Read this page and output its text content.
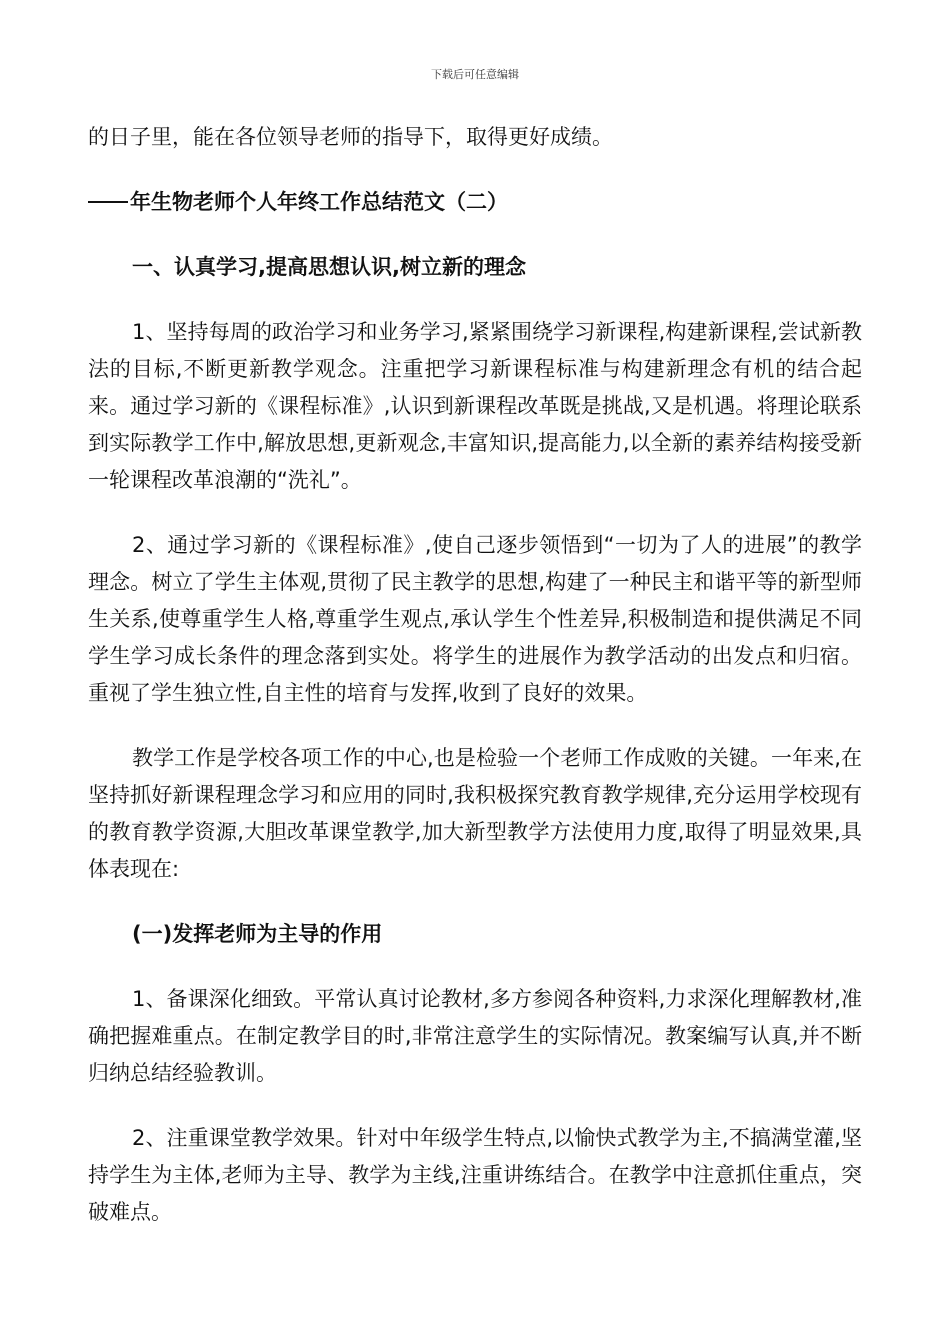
下载后可任意编辑

的日子里，能在各位领导老师的指导下，取得更好成绩。

年生物老师个人年终工作总结范文（二）

一、认真学习,提高思想认识,树立新的理念

1、坚持每周的政治学习和业务学习,紧紧围绕学习新课程,构建新课程,尝试新教法的目标,不断更新教学观念。注重把学习新课程标准与构建新理念有机的结合起来。通过学习新的《课程标准》,认识到新课程改革既是挑战,又是机遇。将理论联系到实际教学工作中,解放思想,更新观念,丰富知识,提高能力,以全新的素养结构接受新一轮课程改革浪潮的“洗礼”。

2、通过学习新的《课程标准》,使自己逐步领悟到“一切为了人的进展”的教学理念。树立了学生主体观,贯彻了民主教学的思想,构建了一种民主和谐平等的新型师生关系,使尊重学生人格,尊重学生观点,承认学生个性差异,积极制造和提供满足不同学生学习成长条件的理念落到实处。将学生的进展作为教学活动的出发点和归宿。重视了学生独立性,自主性的培育与发挥,收到了良好的效果。

教学工作是学校各项工作的中心,也是检验一个老师工作成败的关键。一年来,在坚持抓好新课程理念学习和应用的同时,我积极探究教育教学规律,充分运用学校现有的教育教学资源,大胆改革课堂教学,加大新型教学方法使用力度,取得了明显效果,具体表现在:

(一)发挥老师为主导的作用

1、备课深化细致。平常认真讨论教材,多方参阅各种资料,力求深化理解教材,准确把握难重点。在制定教学目的时,非常注意学生的实际情况。教案编写认真,并不断归纳总结经验教训。

2、注重课堂教学效果。针对中年级学生特点,以愉快式教学为主,不搞满堂灌,坚持学生为主体,老师为主导、教学为主线,注重讲练结合。在教学中注意抓住重点，突破难点。
